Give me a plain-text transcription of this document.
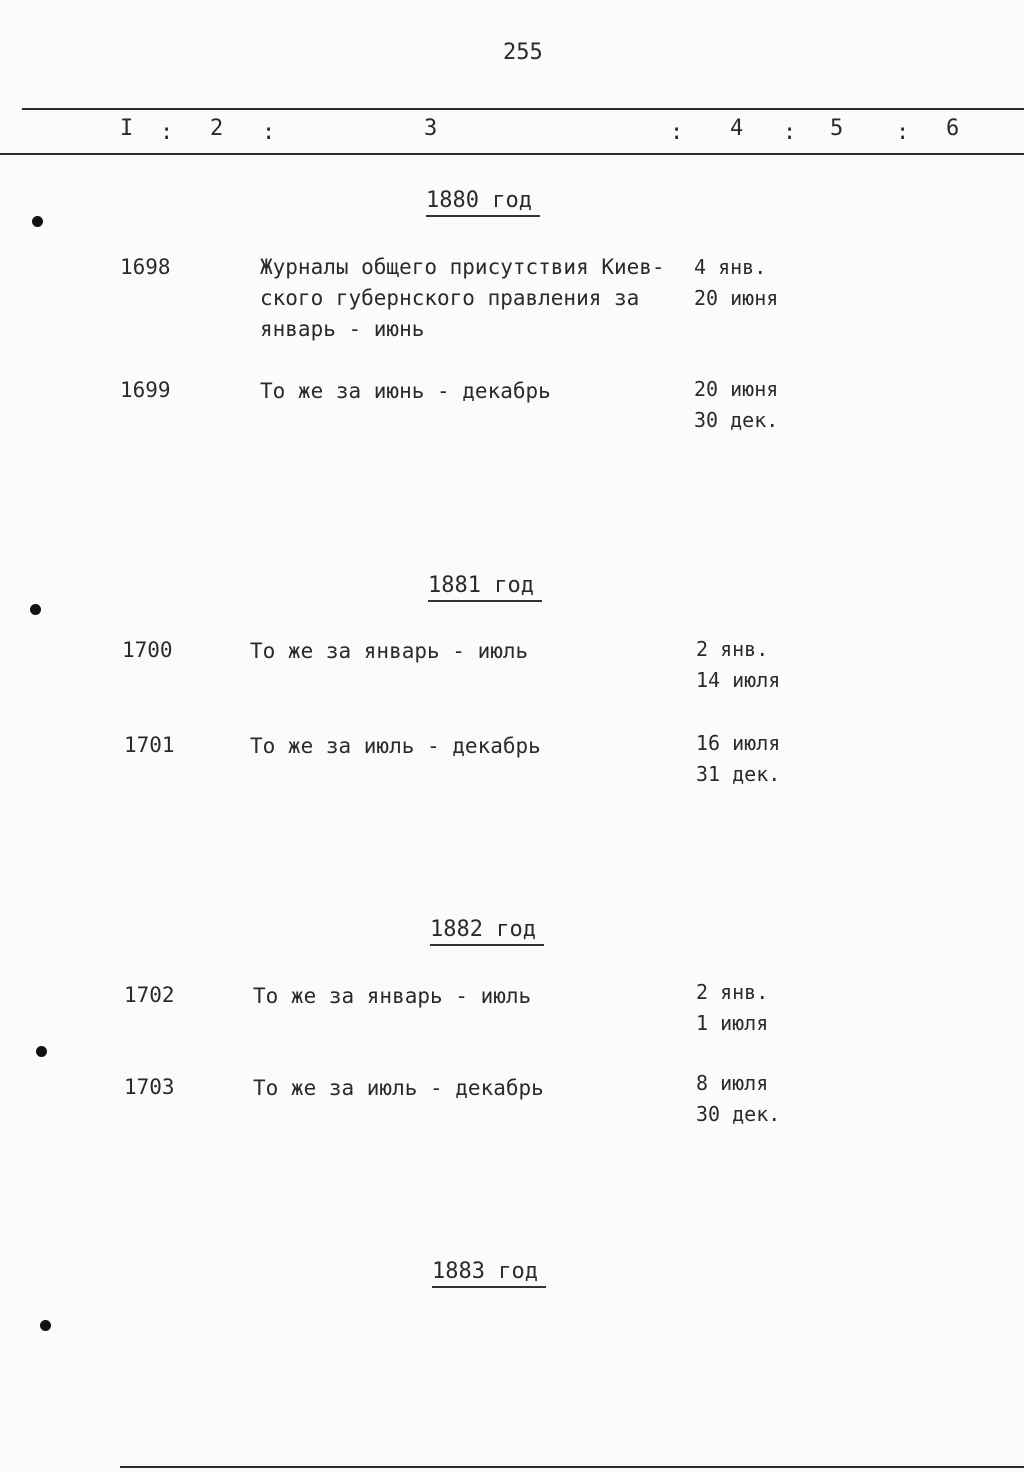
255
I : 2 :	3	: 4 : 5 : 6
1880 год
1698	Журналы общего присутствия Киев-
ского губернского правления за
январь - июнь
4 янв.
20 июня
1699	То же за июнь - декабрь	20 июня
30 дек.
1881 год
1700	То же за январь - июль	2 янв.
14 июля
1701	То же за июль - декабрь	16 июля
31 дек.
1882 год
1702	То же за январь - июль	2 янв.
1 июля
1703	То же за июль - декабрь	8 июля
30 дек.
1883 год
